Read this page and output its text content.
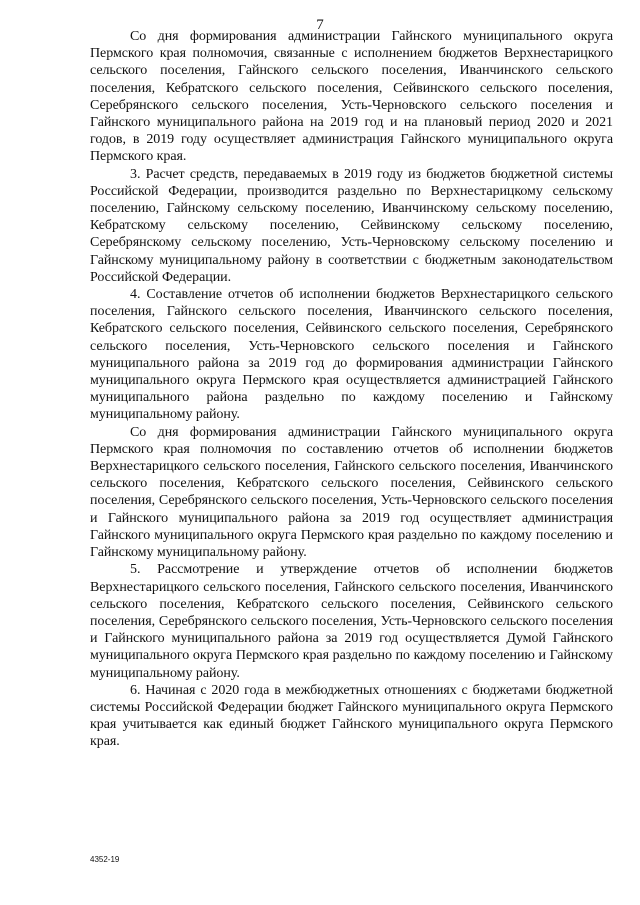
7

Со дня формирования администрации Гайнского муниципального округа Пермского края полномочия, связанные с исполнением бюджетов Верхнестарицкого сельского поселения, Гайнского сельского поселения, Иванчинского сельского поселения, Кебратского сельского поселения, Сейвинского сельского поселения, Серебрянского сельского поселения, Усть-Черновского сельского поселения и Гайнского муниципального района на 2019 год и на плановый период 2020 и 2021 годов, в 2019 году осуществляет администрация Гайнского муниципального округа Пермского края.

3. Расчет средств, передаваемых в 2019 году из бюджетов бюджетной системы Российской Федерации, производится раздельно по Верхнестарицкому сельскому поселению, Гайнскому сельскому поселению, Иванчинскому сельскому поселению, Кебратскому сельскому поселению, Сейвинскому сельскому поселению, Серебрянскому сельскому поселению, Усть-Черновскому сельскому поселению и Гайнскому муниципальному району в соответствии с бюджетным законодательством Российской Федерации.

4. Составление отчетов об исполнении бюджетов Верхнестарицкого сельского поселения, Гайнского сельского поселения, Иванчинского сельского поселения, Кебратского сельского поселения, Сейвинского сельского поселения, Серебрянского сельского поселения, Усть-Черновского сельского поселения и Гайнского муниципального района за 2019 год до формирования администрации Гайнского муниципального округа Пермского края осуществляется администрацией Гайнского муниципального района раздельно по каждому поселению и Гайнскому муниципальному району.

Со дня формирования администрации Гайнского муниципального округа Пермского края полномочия по составлению отчетов об исполнении бюджетов Верхнестарицкого сельского поселения, Гайнского сельского поселения, Иванчинского сельского поселения, Кебратского сельского поселения, Сейвинского сельского поселения, Серебрянского сельского поселения, Усть-Черновского сельского поселения и Гайнского муниципального района за 2019 год осуществляет администрация Гайнского муниципального округа Пермского края раздельно по каждому поселению и Гайнскому муниципальному району.

5. Рассмотрение и утверждение отчетов об исполнении бюджетов Верхнестарицкого сельского поселения, Гайнского сельского поселения, Иванчинского сельского поселения, Кебратского сельского поселения, Сейвинского сельского поселения, Серебрянского сельского поселения, Усть-Черновского сельского поселения и Гайнского муниципального района за 2019 год осуществляется Думой Гайнского муниципального округа Пермского края раздельно по каждому поселению и Гайнскому муниципальному району.

6. Начиная с 2020 года в межбюджетных отношениях с бюджетами бюджетной системы Российской Федерации бюджет Гайнского муниципального округа Пермского края учитывается как единый бюджет Гайнского муниципального округа Пермского края.

4352-19
